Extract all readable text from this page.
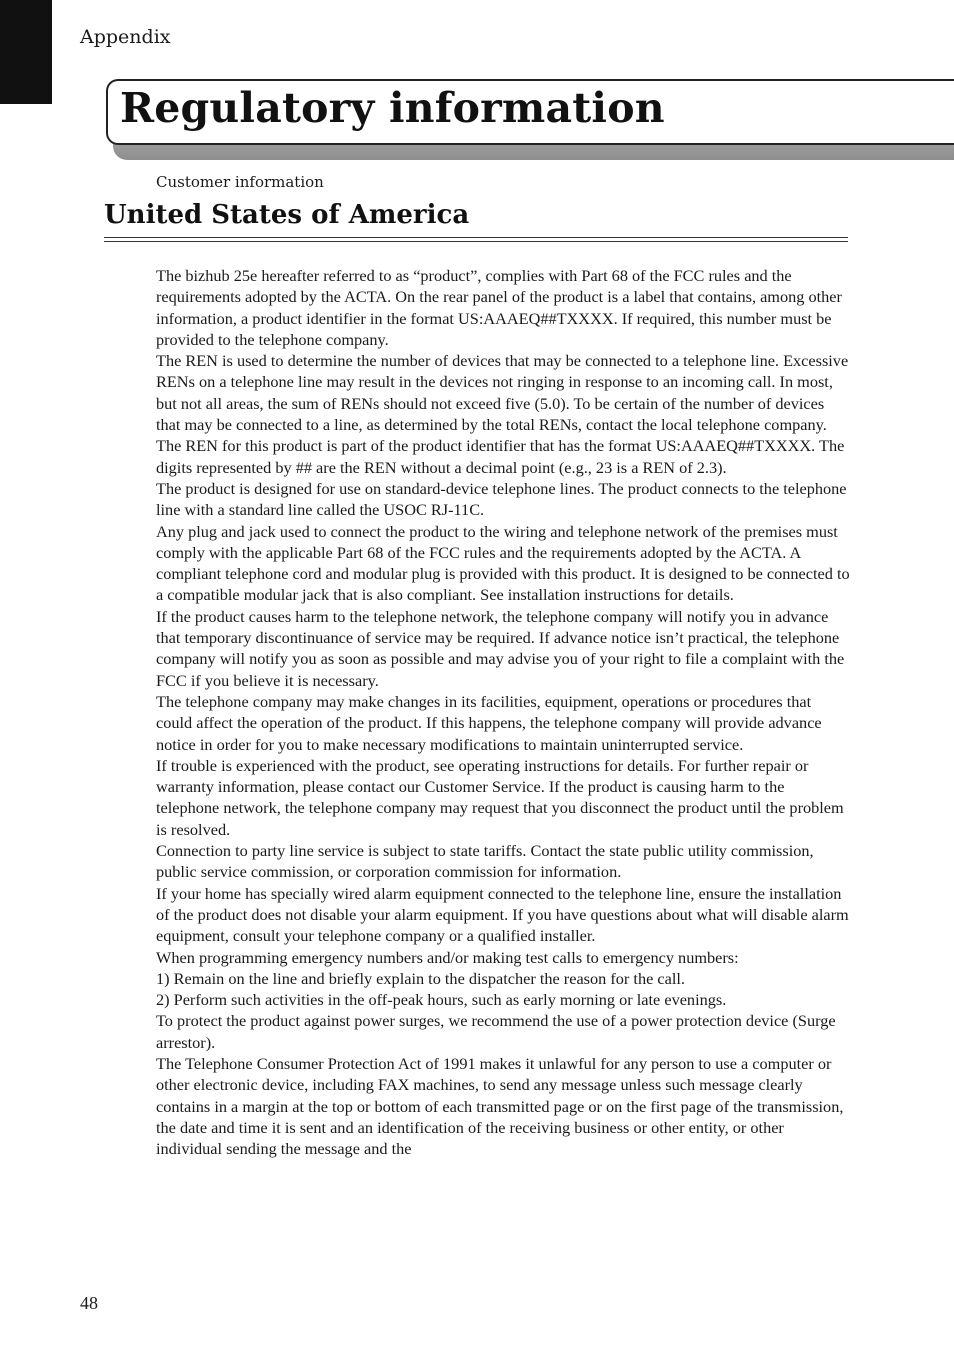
Appendix
Regulatory information
Customer information
United States of America

The bizhub 25e hereafter referred to as “product”, complies with Part 68 of the FCC rules and the requirements adopted by the ACTA. On the rear panel of the product is a label that contains, among other information, a product identifier in the format US:AAAEQ##TXXXX. If required, this number must be provided to the telephone company.

The REN is used to determine the number of devices that may be connected to a telephone line. Excessive RENs on a telephone line may result in the devices not ringing in response to an incoming call. In most, but not all areas, the sum of RENs should not exceed five (5.0). To be certain of the number of devices that may be connected to a line, as determined by the total RENs, contact the local telephone company. The REN for this product is part of the product identifier that has the format US:AAAEQ##TXXXX. The digits represented by ## are the REN without a decimal point (e.g., 23 is a REN of 2.3).

The product is designed for use on standard-device telephone lines. The product connects to the telephone line with a standard line called the USOC RJ-11C.

Any plug and jack used to connect the product to the wiring and telephone network of the premises must comply with the applicable Part 68 of the FCC rules and the requirements adopted by the ACTA. A compliant telephone cord and modular plug is provided with this product. It is designed to be connected to a compatible modular jack that is also compliant. See installation instructions for details.

If the product causes harm to the telephone network, the telephone company will notify you in advance that temporary discontinuance of service may be required. If advance notice isn’t practical, the telephone company will notify you as soon as possible and may advise you of your right to file a complaint with the FCC if you believe it is necessary.

The telephone company may make changes in its facilities, equipment, operations or procedures that could affect the operation of the product. If this happens, the telephone company will provide advance notice in order for you to make necessary modifications to maintain uninterrupted service.

If trouble is experienced with the product, see operating instructions for details. For further repair or warranty information, please contact our Customer Service. If the product is causing harm to the telephone network, the telephone company may request that you disconnect the product until the problem is resolved.

Connection to party line service is subject to state tariffs. Contact the state public utility commission, public service commission, or corporation commission for information.

If your home has specially wired alarm equipment connected to the telephone line, ensure the installation of the product does not disable your alarm equipment. If you have questions about what will disable alarm equipment, consult your telephone company or a qualified installer.

When programming emergency numbers and/or making test calls to emergency numbers:

1) Remain on the line and briefly explain to the dispatcher the reason for the call.

2) Perform such activities in the off-peak hours, such as early morning or late evenings.

To protect the product against power surges, we recommend the use of a power protection device (Surge arrestor).

The Telephone Consumer Protection Act of 1991 makes it unlawful for any person to use a computer or other electronic device, including FAX machines, to send any message unless such message clearly contains in a margin at the top or bottom of each transmitted page or on the first page of the transmission, the date and time it is sent and an identification of the receiving business or other entity, or other individual sending the message and the

48
